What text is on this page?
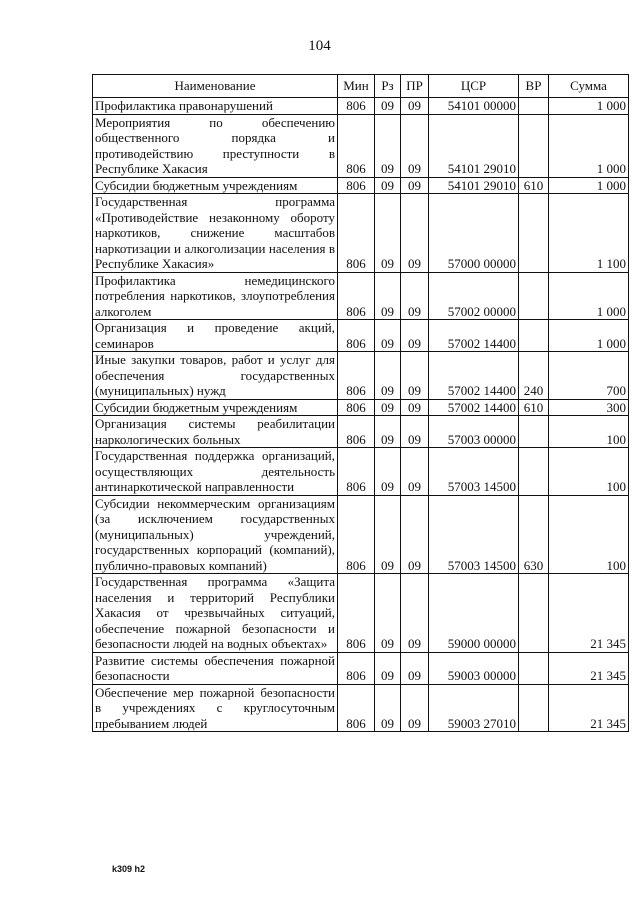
104
Наименование	Мин	Рз	ПР	ЦСР	ВР	Сумма
Профилактика правонарушений	806	09	09	54101 00000		1 000
Мероприятия по обеспечению общественного порядка и противодействию преступности в Республике Хакасия	806	09	09	54101 29010		1 000
Субсидии бюджетным учреждениям	806	09	09	54101 29010	610	1 000
Государственная программа «Противодействие незаконному обороту наркотиков, снижение масштабов наркотизации и алкоголизации населения в Республике Хакасия»	806	09	09	57000 00000		1 100
Профилактика немедицинского потребления наркотиков, злоупотребления алкоголем	806	09	09	57002 00000		1 000
Организация и проведение акций, семинаров	806	09	09	57002 14400		1 000
Иные закупки товаров, работ и услуг для обеспечения государственных (муниципальных) нужд	806	09	09	57002 14400	240	700
Субсидии бюджетным учреждениям	806	09	09	57002 14400	610	300
Организация системы реабилитации наркологических больных	806	09	09	57003 00000		100
Государственная поддержка организаций, осуществляющих деятельность антинаркотической направленности	806	09	09	57003 14500		100
Субсидии некоммерческим организациям (за исключением государственных (муниципальных) учреждений, государственных корпораций (компаний), публично-правовых компаний)	806	09	09	57003 14500	630	100
Государственная программа «Защита населения и территорий Республики Хакасия от чрезвычайных ситуаций, обеспечение пожарной безопасности и безопасности людей на водных объектах»	806	09	09	59000 00000		21 345
Развитие системы обеспечения пожарной безопасности	806	09	09	59003 00000		21 345
Обеспечение мер пожарной безопасности в учреждениях с круглосуточным пребыванием людей	806	09	09	59003 27010		21 345
k309 h2
